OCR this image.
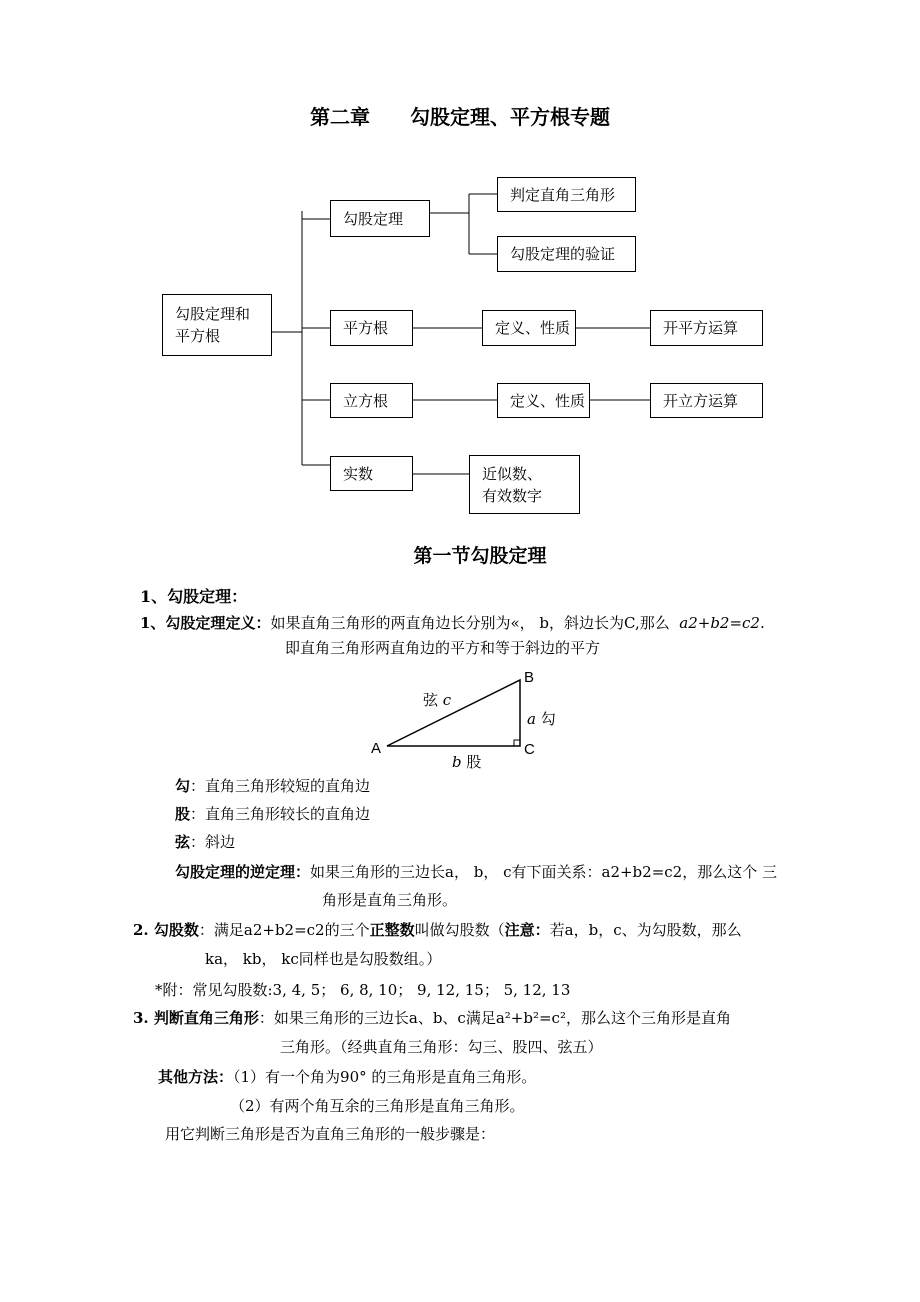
第二章　　勾股定理、平方根专题
勾股定理和
平方根
勾股定理
判定直角三角形
勾股定理的验证
平方根	定义、性质	开平方运算
立方根	定义、性质	开立方运算
实数	近似数、
有效数字
第一节勾股定理
1、勾股定理：
1、勾股定理定义：如果直角三角形的两直角边长分别为«， b，斜边长为C,那么 a2+b2=c2.
即直角三角形两直角边的平方和等于斜边的平方
A
B
C
弦 c
a 勾
b 股
勾：直角三角形较短的直角边
股：直角三角形较长的直角边
弦：斜边
勾股定理的逆定理：如果三角形的三边长a， b， c有下面关系：a2+b2=c2，那么这个 三
角形是直角三角形。
2. 勾股数：满足a2+b2=c2的三个正整数叫做勾股数（注意：若a，b，c、为勾股数，那么
ka， kb， kc同样也是勾股数组。）
*附：常见勾股数:3, 4, 5； 6, 8, 10； 9, 12, 15； 5, 12, 13
3. 判断直角三角形：如果三角形的三边长a、b、c满足a²+b²=c²，那么这个三角形是直角
三角形。（经典直角三角形：勾三、股四、弦五）
其他方法：（1）有一个角为90° 的三角形是直角三角形。
（2）有两个角互余的三角形是直角三角形。
用它判断三角形是否为直角三角形的一般步骤是：
